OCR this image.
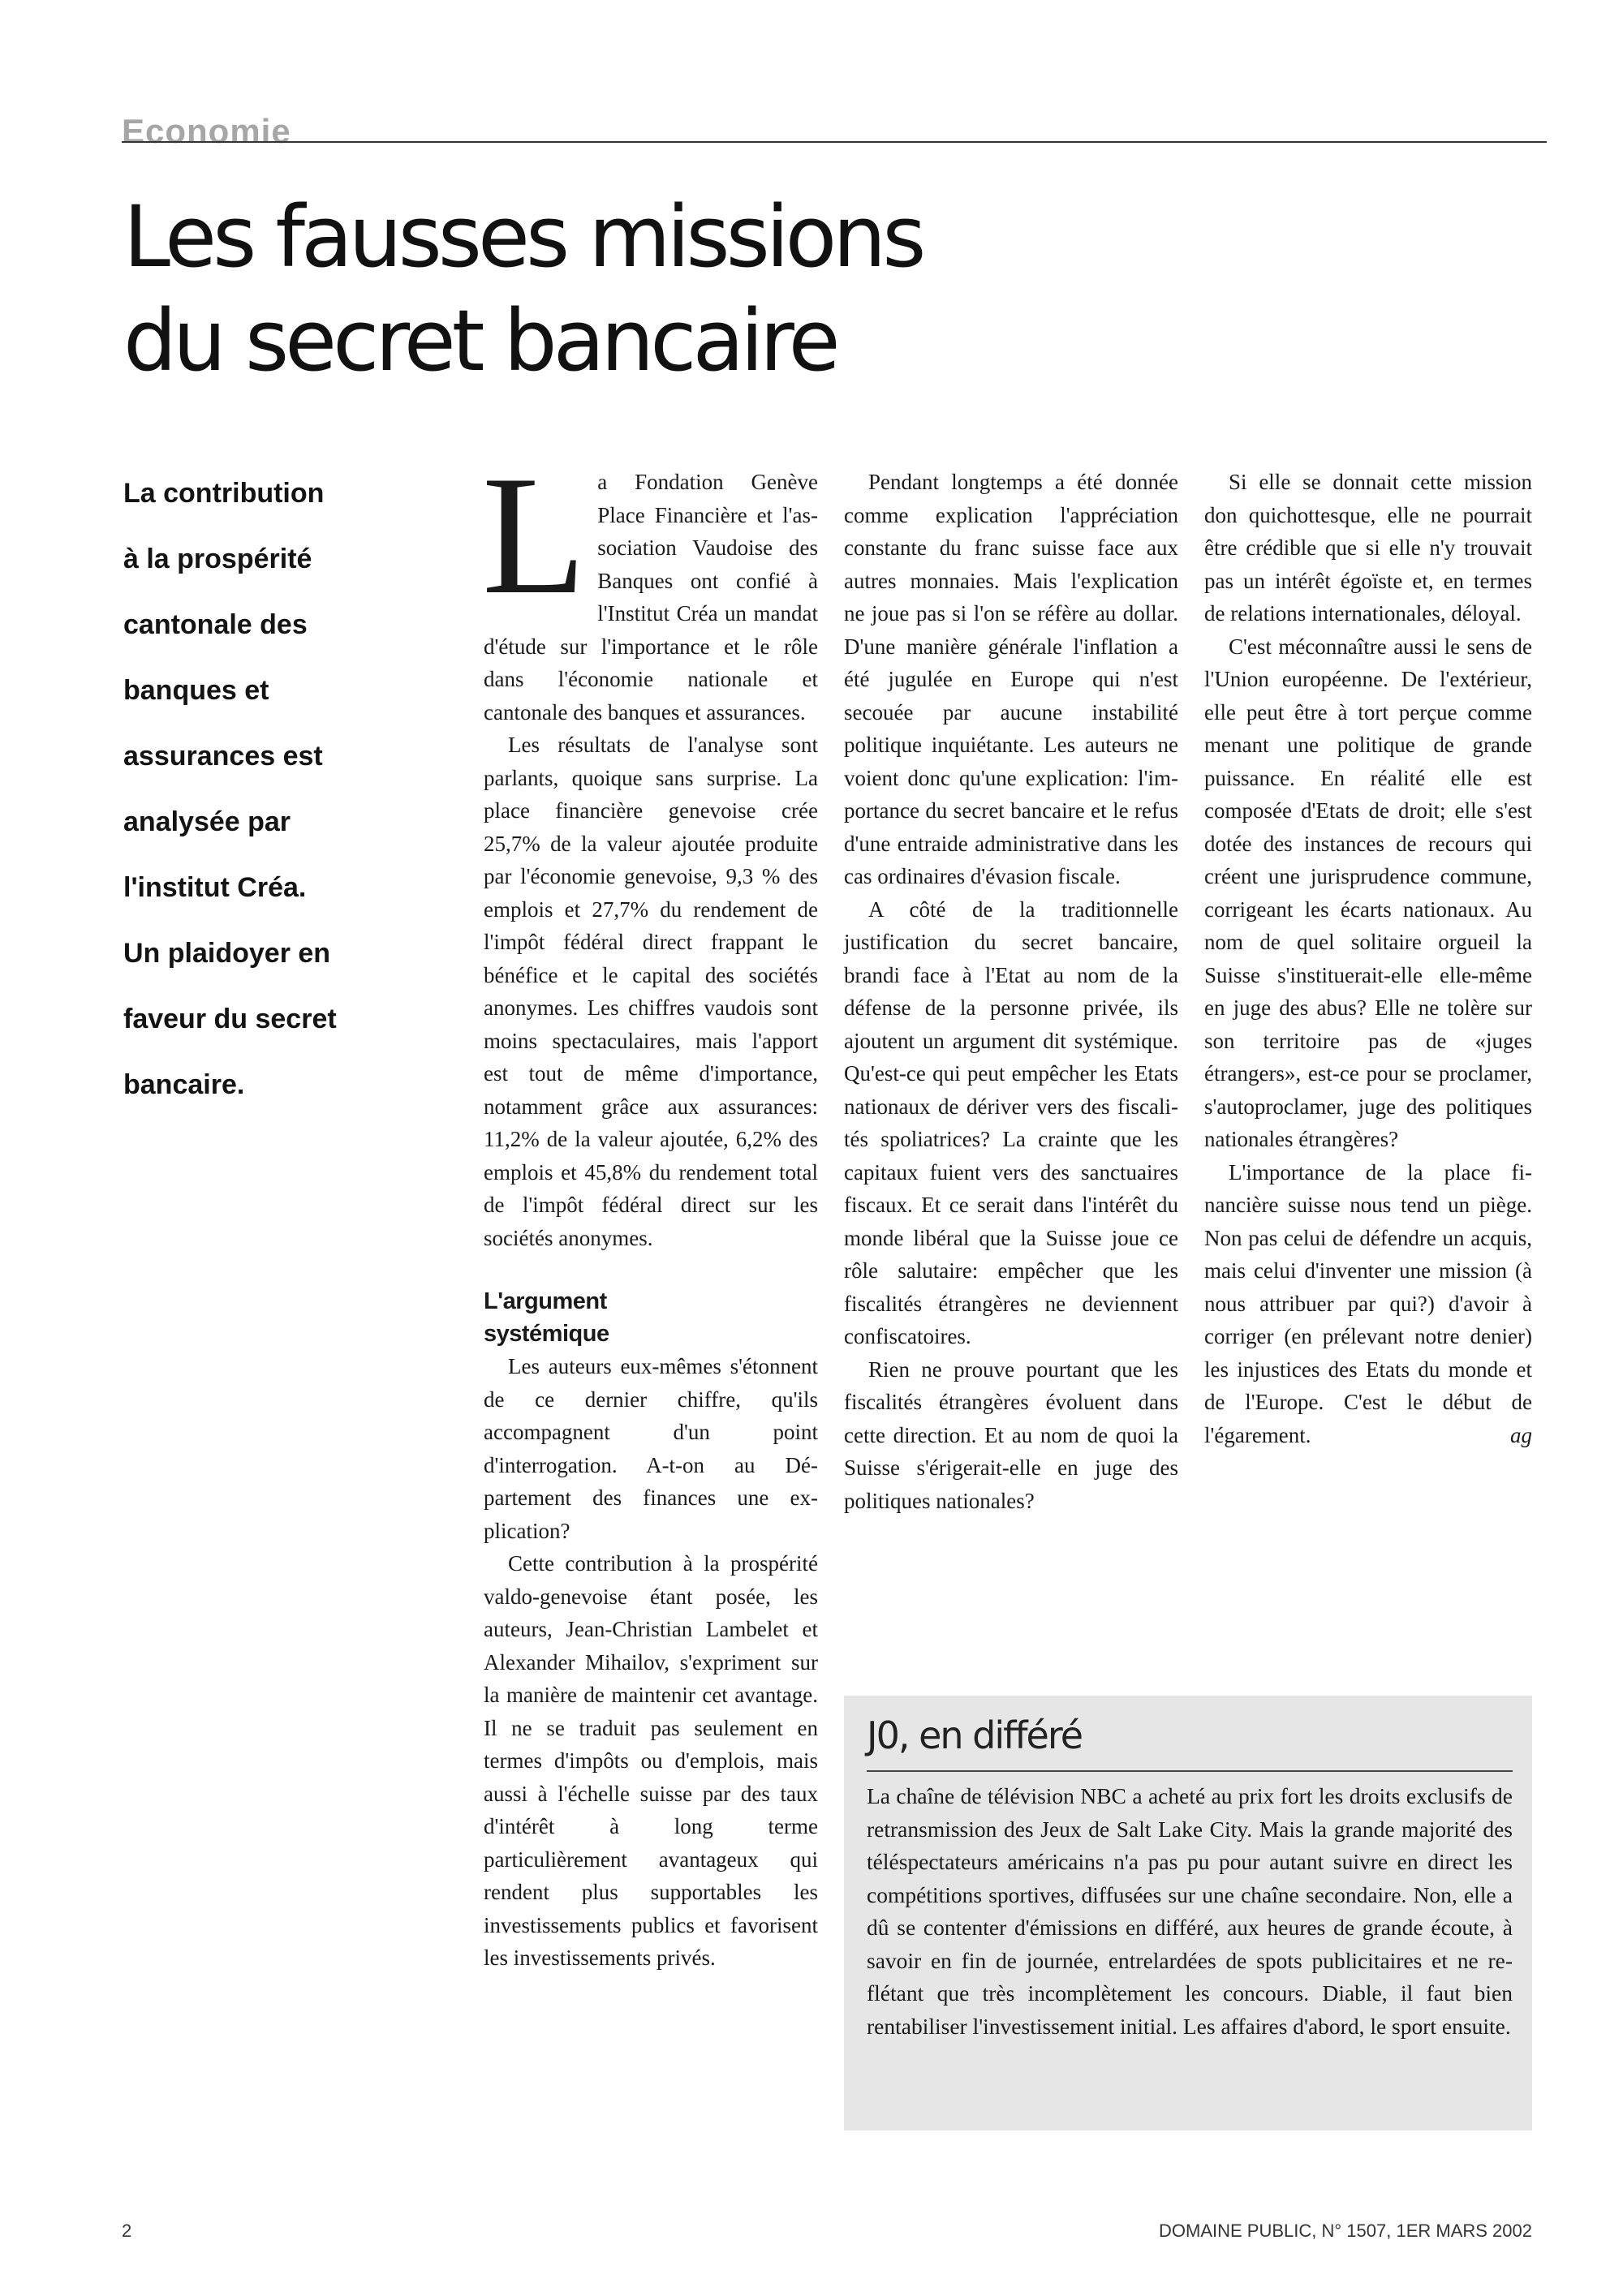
Economie
Les fausses missions
du secret bancaire
La contribution
à la prospérité
cantonale des
banques et
assurances est
analysée par
l'institut Créa.
Un plaidoyer en
faveur du secret
bancaire.

La Fondation Genève Place Financière et l'association Vaudoise des Banques ont confié à l'Institut Créa un mandat d'étude sur l'importance et le rôle dans l'économie nationale et cantonale des banques et assurances.

Les résultats de l'analyse sont parlants, quoique sans surprise. La place financière genevoise crée 25,7% de la valeur ajoutée produite par l'économie genevoise, 9,3 % des emplois et 27,7% du rendement de l'impôt fédéral direct frappant le bénéfice et le capital des sociétés anonymes. Les chiffres vaudois sont moins spectaculaires, mais l'apport est tout de même d'importance, notamment grâce aux assurances: 11,2% de la valeur ajoutée, 6,2% des emplois et 45,8% du rendement total de l'impôt fédéral direct sur les sociétés anonymes.

L'argument systémique

Les auteurs eux-mêmes s'étonnent de ce dernier chiffre, qu'ils accompagnent d'un point d'interrogation. A-t-on au Département des finances une explication?

Cette contribution à la prospérité valdo-genevoise étant posée, les auteurs, Jean-Christian Lambelet et Alexander Mihailov, s'expriment sur la manière de maintenir cet avantage. Il ne se traduit pas seulement en termes d'impôts ou d'emplois, mais aussi à l'échelle suisse par des taux d'intérêt à long terme particulièrement avantageux qui rendent plus supportables les investissements publics et favorisent les investissements privés.

Pendant longtemps a été donnée comme explication l'appréciation constante du franc suisse face aux autres monnaies. Mais l'explication ne joue pas si l'on se réfère au dollar. D'une manière générale l'inflation a été jugulée en Europe qui n'est secouée par aucune instabilité politique inquiétante. Les auteurs ne voient donc qu'une explication: l'importance du secret bancaire et le refus d'une entraide administrative dans les cas ordinaires d'évasion fiscale.

A côté de la traditionnelle justification du secret bancaire, brandi face à l'Etat au nom de la défense de la personne privée, ils ajoutent un argument dit systémique. Qu'est-ce qui peut empêcher les Etats nationaux de dériver vers des fiscalités spoliatrices? La crainte que les capitaux fuient vers des sanctuaires fiscaux. Et ce serait dans l'intérêt du monde libéral que la Suisse joue ce rôle salutaire: empêcher que les fiscalités étrangères ne deviennent confiscatoires.

Rien ne prouve pourtant que les fiscalités étrangères évoluent dans cette direction. Et au nom de quoi la Suisse s'érigerait-elle en juge des politiques nationales?

Si elle se donnait cette mission don quichottesque, elle ne pourrait être crédible que si elle n'y trouvait pas un intérêt égoïste et, en termes de relations internationales, déloyal.

C'est méconnaître aussi le sens de l'Union européenne. De l'extérieur, elle peut être à tort perçue comme menant une politique de grande puissance. En réalité elle est composée d'Etats de droit; elle s'est dotée des instances de recours qui créent une jurisprudence commune, corrigeant les écarts nationaux. Au nom de quel solitaire orgueil la Suisse s'instituerait-elle elle-même en juge des abus? Elle ne tolère sur son territoire pas de «juges étrangers», est-ce pour se proclamer, s'autoproclamer, juge des politiques nationales étrangères?

L'importance de la place financière suisse nous tend un piège. Non pas celui de défendre un acquis, mais celui d'inventer une mission (à nous attribuer par qui?) d'avoir à corriger (en prélevant notre denier) les injustices des Etats du monde et de l'Europe. C'est le début de l'égarement.	ag

J0, en différé
La chaîne de télévision NBC a acheté au prix fort les droits exclusifs de retransmission des Jeux de Salt Lake City. Mais la grande majorité des téléspectateurs américains n'a pas pu pour autant suivre en direct les compétitions sportives, diffusées sur une chaîne secondaire. Non, elle a dû se contenter d'émissions en différé, aux heures de grande écoute, à savoir en fin de journée, entrelardées de spots publicitaires et ne reflétant que très incomplètement les concours. Diable, il faut bien rentabiliser l'investissement initial. Les affaires d'abord, le sport ensuite.
2	DOMAINE PUBLIC, N° 1507, 1ER MARS 2002
